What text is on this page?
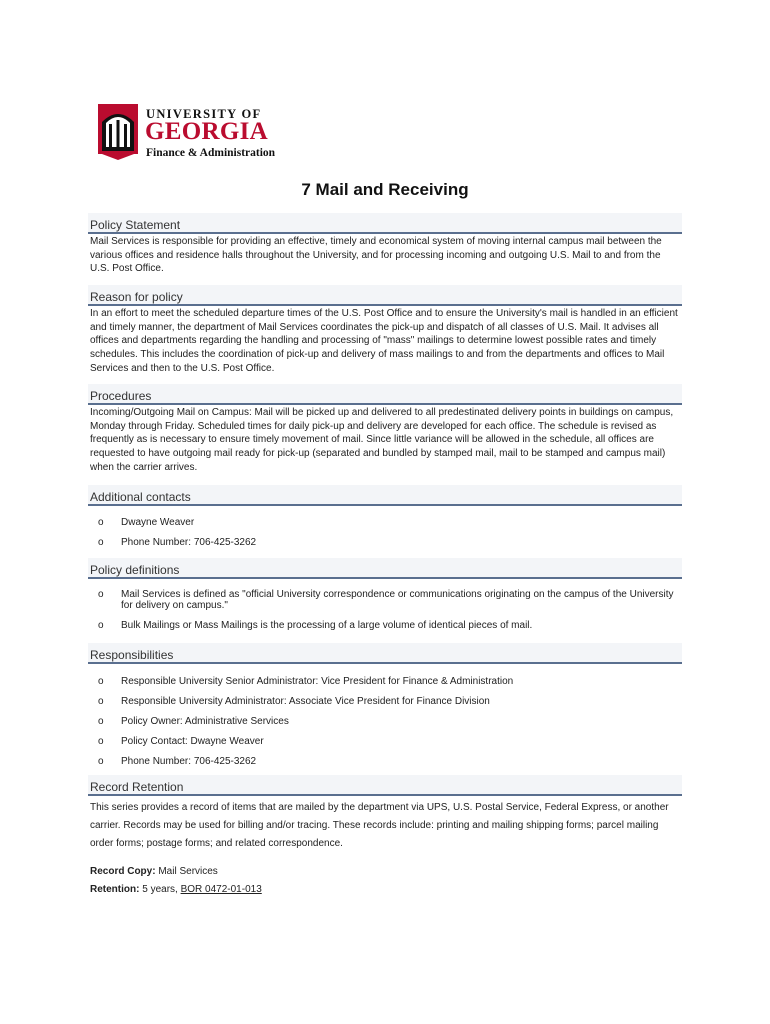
1785
UNIVERSITY OF
GEORGIA
Finance & Administration
7 Mail and Receiving
Policy Statement
Mail Services is responsible for providing an effective, timely and economical system of moving internal campus mail between the various offices and residence halls throughout the University, and for processing incoming and outgoing U.S. Mail to and from the U.S. Post Office.
Reason for policy
In an effort to meet the scheduled departure times of the U.S. Post Office and to ensure the University's mail is handled in an efficient and timely manner, the department of Mail Services coordinates the pick-up and dispatch of all classes of U.S. Mail. It advises all offices and departments regarding the handling and processing of "mass" mailings to determine lowest possible rates and timely schedules. This includes the coordination of pick-up and delivery of mass mailings to and from the departments and offices to Mail Services and then to the U.S. Post Office.
Procedures
Incoming/Outgoing Mail on Campus: Mail will be picked up and delivered to all predestinated delivery points in buildings on campus, Monday through Friday. Scheduled times for daily pick-up and delivery are developed for each office. The schedule is revised as frequently as is necessary to ensure timely movement of mail. Since little variance will be allowed in the schedule, all offices are requested to have outgoing mail ready for pick-up (separated and bundled by stamped mail, mail to be stamped and campus mail) when the carrier arrives.
Additional contacts
o Dwayne Weaver
o Phone Number: 706-425-3262
Policy definitions
o Mail Services is defined as "official University correspondence or communications originating on the campus of the University for delivery on campus."
o Bulk Mailings or Mass Mailings is the processing of a large volume of identical pieces of mail.
Responsibilities
o Responsible University Senior Administrator: Vice President for Finance & Administration
o Responsible University Administrator: Associate Vice President for Finance Division
o Policy Owner: Administrative Services
o Policy Contact: Dwayne Weaver
o Phone Number: 706-425-3262
Record Retention
This series provides a record of items that are mailed by the department via UPS, U.S. Postal Service, Federal Express, or another carrier. Records may be used for billing and/or tracing. These records include: printing and mailing shipping forms; parcel mailing order forms; postage forms; and related correspondence.
Record Copy: Mail Services
Retention: 5 years, BOR 0472-01-013
